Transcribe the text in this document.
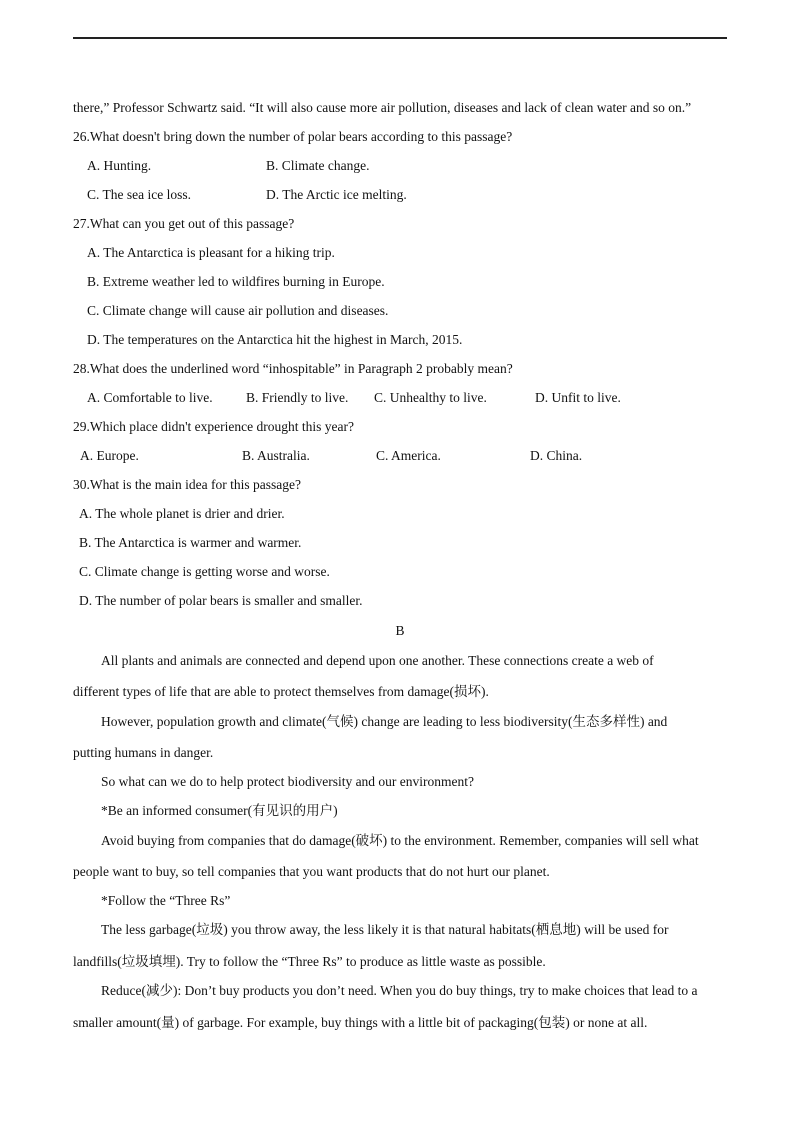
there,” Professor Schwartz said. “It will also cause more air pollution, diseases and lack of clean water and so on.”
26.What doesn't bring down the number of polar bears according to this passage?
A. Hunting.	B. Climate change.
C. The sea ice loss.	D. The Arctic ice melting.
27.What can you get out of this passage?
A. The Antarctica is pleasant for a hiking trip.
B. Extreme weather led to wildfires burning in Europe.
C. Climate change will cause air pollution and diseases.
D. The temperatures on the Antarctica hit the highest in March, 2015.
28.What does the underlined word “inhospitable” in Paragraph 2 probably mean?
A. Comfortable to live. B. Friendly to live. C. Unhealthy to live.	D. Unfit to live.
29.Which place didn't experience drought this year?
A. Europe.	B. Australia.	C. America.	D. China.
30.What is the main idea for this passage?
A. The whole planet is drier and drier.
B. The Antarctica is warmer and warmer.
C. Climate change is getting worse and worse.
D. The number of polar bears is smaller and smaller.
B
All plants and animals are connected and depend upon one another. These connections create a web of
different types of life that are able to protect themselves from damage(损坏).
However, population growth and climate(气候) change are leading to less biodiversity(生态多样性) and
putting humans in danger.
So what can we do to help protect biodiversity and our environment?
*Be an informed consumer(有见识的用户)
Avoid buying from companies that do damage(破坏) to the environment. Remember, companies will sell what
people want to buy, so tell companies that you want products that do not hurt our planet.
*Follow the “Three Rs”
The less garbage(垃圾) you throw away, the less likely it is that natural habitats(栖息地) will be used for
landfills(垃圾填埋). Try to follow the “Three Rs” to produce as little waste as possible.
Reduce(减少): Don’t buy products you don’t need. When you do buy things, try to make choices that lead to a
smaller amount(量) of garbage. For example, buy things with a little bit of packaging(包装) or none at all.
